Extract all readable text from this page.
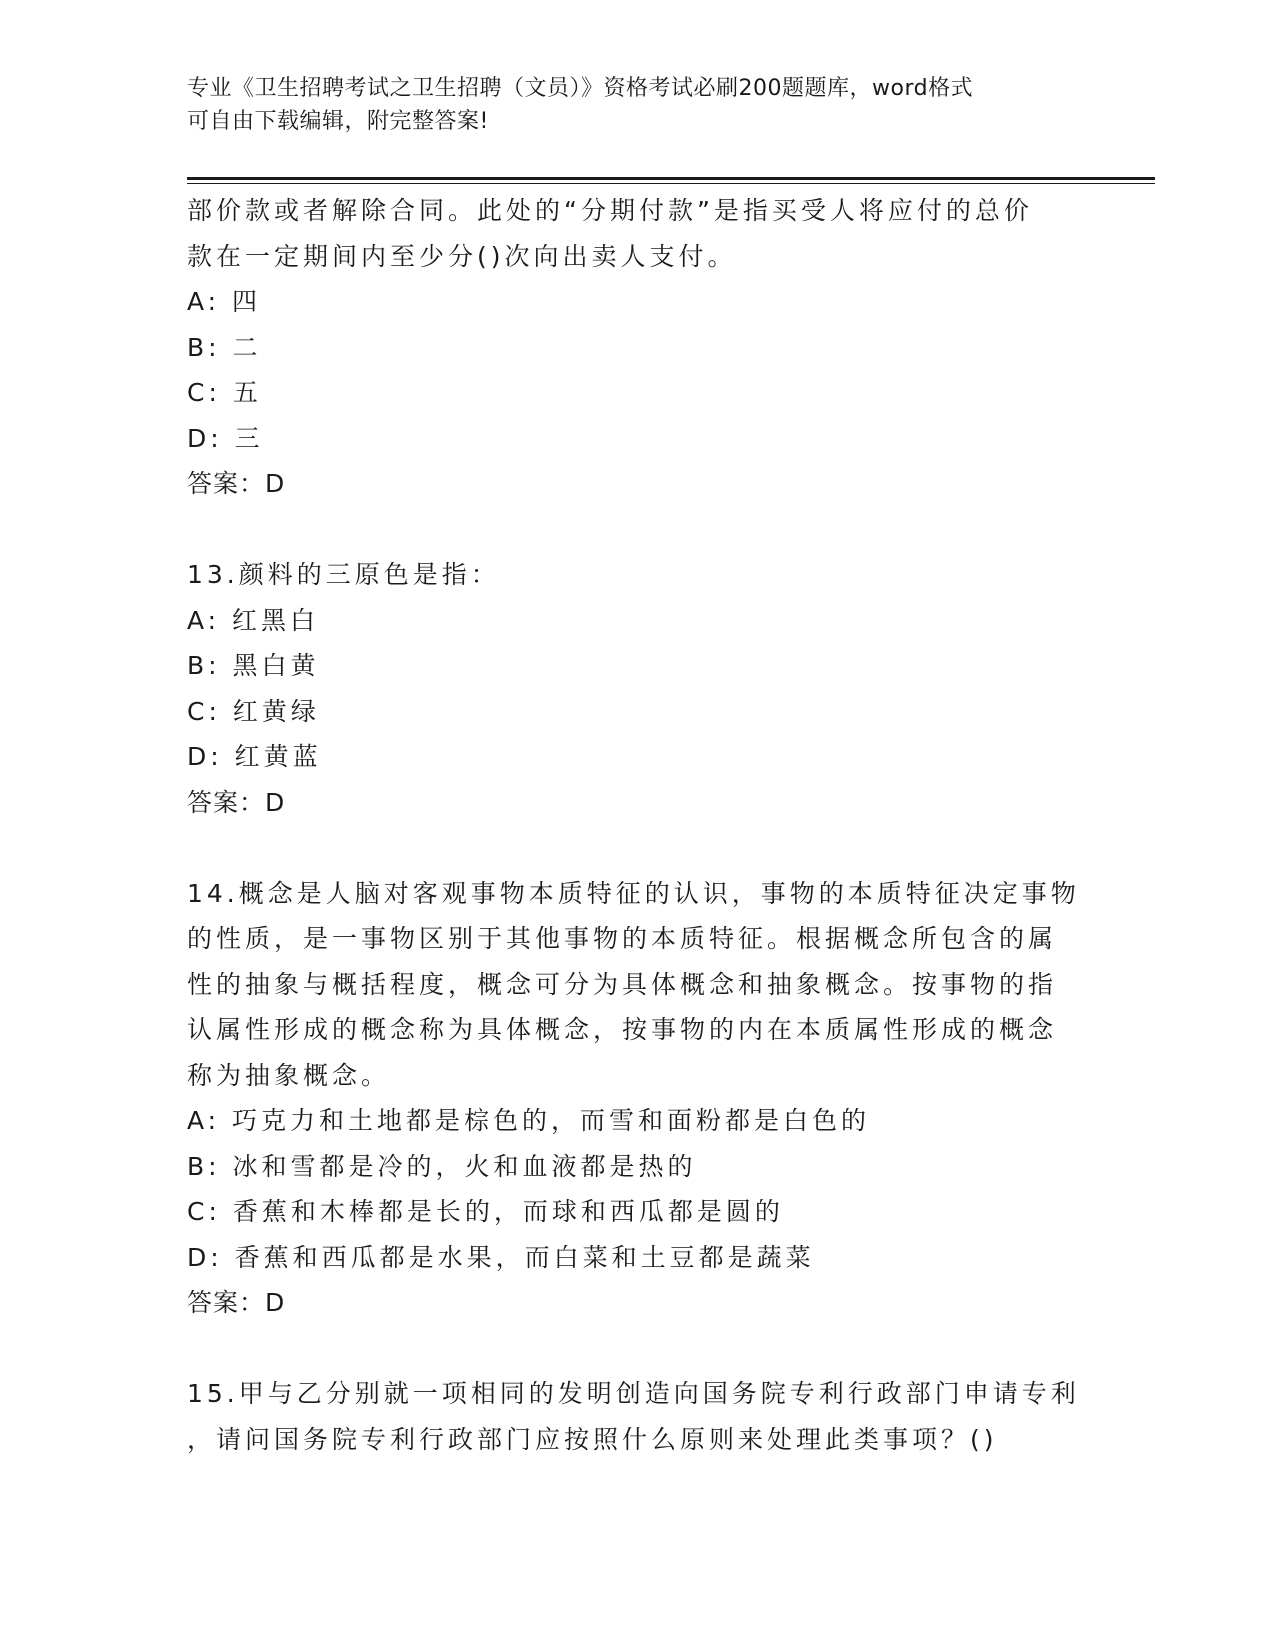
专业《卫生招聘考试之卫生招聘（文员）》资格考试必刷200题题库，word格式
可自由下载编辑，附完整答案!
部价款或者解除合同。此处的“分期付款”是指买受人将应付的总价
款在一定期间内至少分()次向出卖人支付。
A: 四
B: 二
C: 五
D: 三
答案：D
13.颜料的三原色是指：
A: 红黑白
B: 黑白黄
C: 红黄绿
D: 红黄蓝
答案：D
14.概念是人脑对客观事物本质特征的认识，事物的本质特征决定事物
的性质，是一事物区别于其他事物的本质特征。根据概念所包含的属
性的抽象与概括程度，概念可分为具体概念和抽象概念。按事物的指
认属性形成的概念称为具体概念，按事物的内在本质属性形成的概念
称为抽象概念。
A: 巧克力和土地都是棕色的，而雪和面粉都是白色的
B: 冰和雪都是冷的，火和血液都是热的
C: 香蕉和木棒都是长的，而球和西瓜都是圆的
D: 香蕉和西瓜都是水果，而白菜和土豆都是蔬菜
答案：D
15.甲与乙分别就一项相同的发明创造向国务院专利行政部门申请专利
，请问国务院专利行政部门应按照什么原则来处理此类事项？()
